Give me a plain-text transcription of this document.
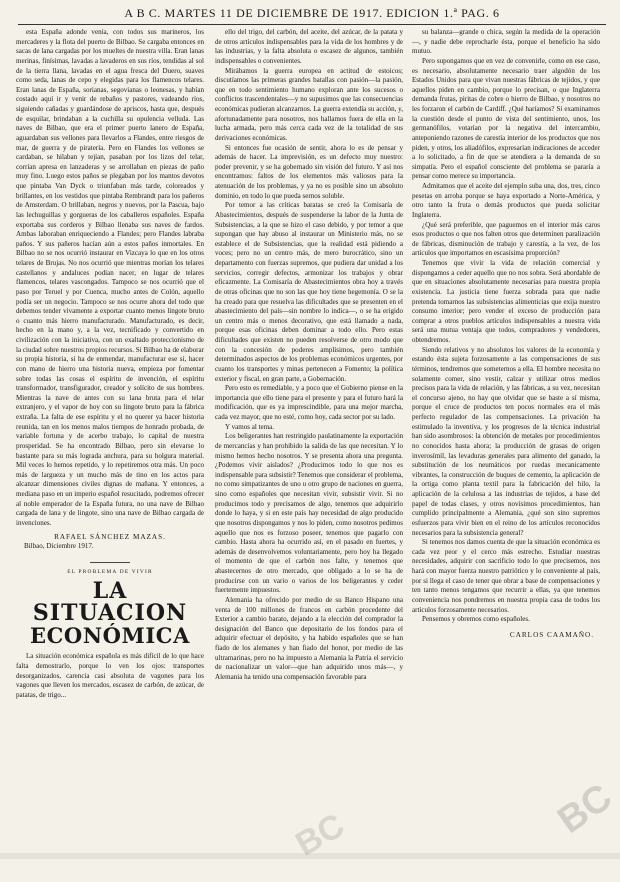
A B C. MARTES 11 DE DICIEMBRE DE 1917. EDICION 1.ª PAG. 6

esta España adonde venía, con todos sus marineros, los mercaderes y la flota del puerto de Bilbao. Se cargaba entonces en sacas de lana cargadas por los mueltes de nuestra villa. Eran lanas merinas, finísimas, lavadas a lavaderos en sus ríos, tendidas al sol de la tierra llana, lavadas en el agua fresca del Duero, suaves como seda, lanas de cepo y elegidas para los flamencos telares. Eran lanas de España, sorianas, segovianas o leonesas, y habían costado aquí ir y venir de rebaños y pastores, vadeando ríos, siguiendo cañadas y guardándose de apriscos, hasta que, después de esquilar, brindaban a la cuchilla su opulencia velluda. Las naves de Bilbao, que era el primer puerto lanero de España, aguardaban sus vellones para llevarlos a Flandes, entre riesgos de mar, de guerra y de piratería. Pero en Flandes los vellones se cardaban, se hilaban y tejían, pasaban por los lizos del telar, corrían apresa en lanzaderas y se arrollaban en piezas de paño muy fino. Luego estos paños se plegaban por los mantos devotos que pintaba Van Dyck o triunfaban más tarde, coloreados y brillantes, en los vestidos que pintaba Rembrandt para los pañeros de Amsterdam. O brillaban, negros y nuevos, por la Pascua, bajo las lechuguillas y gorgueras de los caballeros españoles. España exportaba sus corderos y Bilbao llenaba sus naves de fardos. Ambas laboraban enriqueciendo a Flandes; pero Flandes labraba paños. Y sus pañeros hacían aún a estos paños inmortales. En Bilbao no se nos ocurrió instaurar en Vizcaya lo que en los otros telares de Brujas. No nos ocurrió que mientras morían los telares castellanos y andaluces podían nacer, en lugar de telares flamencos, telares vascongados. Tampoco se nos ocurrió que el paso por Teruel y por Cuenca, mucho antes de Colón, aquello podía ser un negocio. Tampoco se nos ocurre ahora del todo que debemos tender vivamente a exportar cuanto menos lingote bruto o cuanto más hierro manufacturado. Manufacturado, es decir, hecho en la mano y, a la vez, tecnificado y convertido en civilización con la iniciativa, con un exaltado proteccionismo de la ciudad sobre nuestros propios recursos. Si Bilbao ha de elaborar su propia historia, si ha de enmendar, manufacturar ese sí, hacer con mano de hierro una historia nueva, empieza por fomentar sobre todas las cosas el espíritu de invención, el espíritu transformador, transfigurador, creador y solícito de sus hombres. Mientras la nave de antes con su lana bruta para el telar extranjero, y el vapor de hoy con su lingote bruto para la fábrica extraña. La falta de ese espíritu y el no querer ya hacer historia reunida, tan en los menos malos tiempos de honrado probada, de variable fortuna y de acerbo trabajo, lo capital de nuestra prosperidad. Se ha encontrado Bilbao, pero sin elevarse lo bastante para su más lograda anchura, para su holgura material. Mil veces lo hemos repetido, y lo repetiremos otra más. Un poco más de largueza y un mucho más de tino en los actos para alcanzar dimensiones civiles dignas de mañana. Y entonces, a mediana paso en un imperio español resucitado, podremos ofrecer al noble emperador de la España futura, no una nave de Bilbao cargada de lana y de lingote, sino una nave de Bilbao cargada de invenciones.

RAFAEL SÁNCHEZ MAZAS.
Bilbao, Diciembre 1917.
EL PROBLEMA DE VIVIR
LA SITUACION
ECONÓMICA

La situación económica española es más difícil de lo que hace falta demostrarlo, porque lo ven los ojos: transportes desorganizados, carencia casi absoluta de vagones para los vagones que lleven los mercados, escasez de carbón, de azúcar, de patatas, de trigo...

ello del trigo, del carbón, del aceite, del azúcar, de la patata y de otros artículos indispensables para la vida de los hombres y de las industrias, y la falta absoluta o escasez de algunos, también indispensables o convenientes.

Mirábamos la guerra europea en actitud de estoicos; discutíamos las primeras grandes batallas con pasión—la pasión, que en todo sentimiento humano exploran ante los sucesos o conflictos trascendentales—y no supusimos que las consecuencias económicas pudieran alcanzarnos. La guerra extendía su acción, y, afortunadamente para nosotros, nos hallamos fuera de ella en la lucha armada, pero más cerca cada vez de la totalidad de sus derivaciones económicas.

Si entonces fue ocasión de sentir, ahora lo es de pensar y además de hacer. La imprevisión, es un defecto muy nuestro: poder prevenir, y se ha gobernado sin visión del futuro. Y así nos encontramos: faltos de los elementos más valiosos para la atenuación de los problemas, y ya no es posible sino un absoluto dominio, en todo lo que pueda sernos soluble.

Por temor a las críticas baratas se creó la Comisaría de Abastecimientos, después de suspenderse la labor de la Junta de Subsistencias, a la que se hizo el caso debido, y por temor a que supongan que hay abuso al instaurar un Ministerio más, no se establece el de Subsistencias, que la realidad está pidiendo a voces; pero no un centro más, de mero burocrático, sino un departamento con fuerzas supremos, que pudiera dar unidad a los servicios, corregir defectos, armonizar los trabajos y obrar eficazmente. La Comisaría de Abastecimientos obra hoy a través de otras oficinas que no son las que hoy tiene hegemonía. O se la ha creado para que resuelva las dificultades que se presenten en el abastecimiento del país—sin nombre lo indica—, o se ha erigido un centro más o menos decorativo, que está llamado a nada, porque esas oficinas deben dominar a todo ello. Pero estas dificultades que existen no pueden resolverse de otro modo que con la concesión de poderes amplísimos, pero también determinados aspectos de los problemas económicos urgentes, por cuanto los transportes y minas pertenecen a Fomento; la política exterior y fiscal, en gran parte, a Gobernación.

Pero esto es remediable, y a poco que el Gobierno piense en la importancia que ello tiene para el presente y para el futuro hará la modificación, que es ya imprescindible, para una mejor marcha, cada vez mayor, que no esté, como hoy, cada sector por su lado.

Y vamos al tema.

Los beligerantes han restringido paulatinamente la exportación de mercancías y han prohibido la salida de las que necesitan. Y lo mismo hemos hecho nosotros. Y se presenta ahora una pregunta. ¿Podemos vivir aislados? ¿Producimos todo lo que nos es indispensable para subsistir? Tenemos que considerar el problema, no como simpatizantes de uno u otro grupo de naciones en guerra, sino como españoles que necesitan vivir, subsistir vivir. Si no producimos todo y precisamos de algo, tenemos que adquirirlo donde lo haya, y si en este país hay necesidad de algo producido que nosotros dispongamos y nos lo piden, como nosotros pedimos aquello que nos es forzoso poseer, tenemos que pagarlo con cambio. Hasta ahora ha ocurrido así, en el pasado en fuertes, y además de desenvolvemos voluntariamente, pero hoy ha llegado el momento de que el carbón nos falte, y tenemos que abastecernos de otro mercado, que obligado a lo se ha de producirse con un vario o varios de los beligerantes y ceder fuertemente impuestos.

Alemania ha ofrecido por medio de su Banco Hispano una venta de 100 millones de francos en carbón procedente del Exterior a cambio barato, dejando a la elección del comprador la designación del Banco que depositario de los fondos para el adquirir efectuar el depósito, y ha habido españoles que se han fiado de los alemanes y han fiado del honor, por medio de las ultramarinas, pero no ha impuesto a Alemania la Patria el servicio de nacionalizar un valor—que han adquirido unos más—, y Alemania ha tenido una compensación favorable para

su balanza—grande o chica, según la medida de la operación—, y nadie debe reprocharle ésta, porque el beneficio ha sido mutuo.

Pero supongamos que en vez de convenirle, como en ese caso, es necesario, absolutamente necesario traer algodón de los Estados Unidos para que vivan nuestras fábricas de tejidos, y que aquellos piden en cambio, porque lo precisan, o que Inglaterra demanda frutas, piritas de cobre o hierro de Bilbao, y nosotros no les forzaron el carbón de Cardiff. ¿Qué haríamos? Si examinamos la cuestión desde el punto de vista del sentimiento, unos, los germanófilos, votarían por la negativa del intercambio, anteponiendo razones de carestía interior de los productos que nos piden, y otros, los aliadófilos, expresarían indicaciones de acceder a lo solicitado, a fin de que se atendiera a la demanda de su simpatía. Pero el español consciente del problema se pararía a pensar como merece su importancia.

Admitamos que el aceite del ejemplo suba una, dos, tres, cinco pesetas en arroba porque se haya exportado a Norte-América, y otro tanto la fruta o demás productos que pueda solicitar Inglaterra.

¿Qué será preferible, que paguemos en el interior más caros esos productos o que nos falten otros que determinen paralización de fábricas, disminución de trabajo y carestía, a la vez, de los artículos que importamos en escasísima proporción?

Tenemos que vivir la vida de relación comercial y dispongamos a ceder aquello que no nos sobra. Será abordable de que en situaciones absolutamente necesarias para nuestra propia existencia. La justicia tiene fuerza sobrada para que nadie pretenda tomarnos las subsistencias alimenticias que exija nuestro consumo interior; pero vender el exceso de producción para comprar a otros pueblos artículos indispensables a nuestra vida será una mutua ventaja que todos, compradores y vendedores, obtendremos.

Siendo relativos y no absolutos los valores de la economía y estando ésta sujeta forzosamente a las compensaciones de sus términos, tendremos que someternos a ella. El hombre necesita no solamente comer, sino vestir, calzar y utilizar otros medios precisos para la vida de relación, y las fábricas, a su vez, necesitan el concurso ajeno, no hay que olvidar que se baste a sí misma, porque el cruce de productos ten pocos normales era el más perfecto regulador de las compensaciones. La privación ha estimulado la inventiva, y los progresos de la técnica industrial han sido asombrosos: la obtención de metales por procedimientos no conocidos hasta ahora; la producción de grasas de origen inverosímil, las levaduras generales para alimento del ganado, la substitución de los neumáticos por ruedas mecanicamente vibrantes, la construcción de buques de cemento, la aplicación de la ortiga como planta textil para la fabricación del hilo, la aplicación de la celulosa a las industrias de tejidos, a base del papel de todas clases, y otros novísimos procedimientos, han cumplido principalmente a Alemania, ¿qué son sino supremos esfuerzos para vivir bien en el reino de los artículos reconocidos necesarios para la subsistencia general?

Si tenemos nos damos cuenta de que la situación económica es cada vez peor y el cerco más estrecho. Estudiar nuestras necesidades, adquirir con sacrificio todo lo que precisemos, nos hará con mayor fuerza nuestro patriótico y lo conveniente al país, por si llega el caso de tener que obrar a base de compensaciones y ten tanto menos tengamos que recurrir a ellas, ya que tenemos conveniencia nos pondremos en nuestra propia casa de todos los artículos forzosamente necesarios.

Pensemos y obremos como españoles.

CARLOS CAAMAÑO.
BC
BC
